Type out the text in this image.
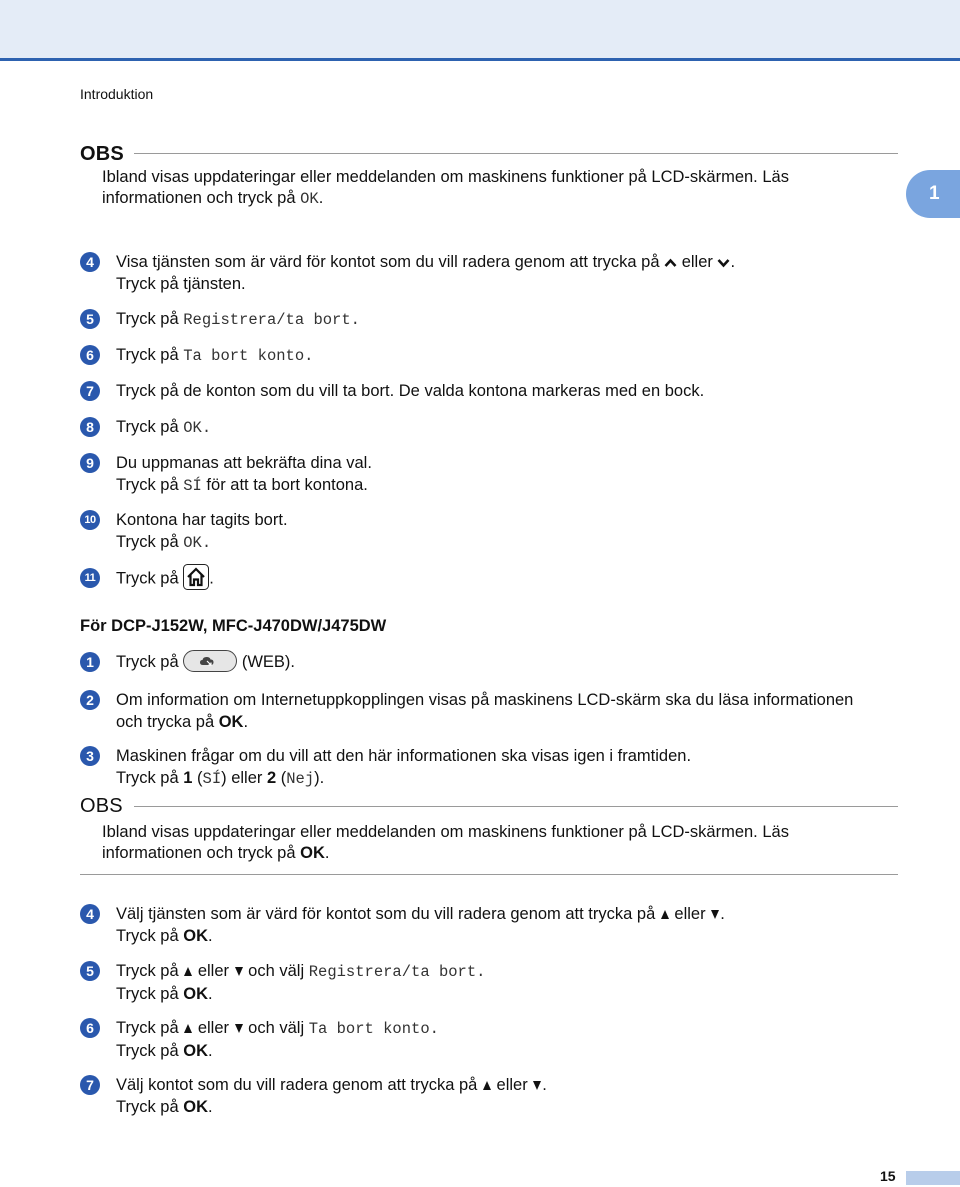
Introduktion
1
OBS
Ibland visas uppdateringar eller meddelanden om maskinens funktioner på LCD-skärmen. Läs informationen och tryck på OK.
4	Visa tjänsten som är värd för kontot som du vill radera genom att trycka på  eller .
Tryck på tjänsten.
5	Tryck på Registrera/ta bort.
6	Tryck på Ta bort konto.
7	Tryck på de konton som du vill ta bort. De valda kontona markeras med en bock.
8	Tryck på OK.
9	Du uppmanas att bekräfta dina val.
Tryck på SÍ för att ta bort kontona.
10 Kontona har tagits bort.
Tryck på OK.
11 Tryck på .
För DCP-J152W, MFC-J470DW/J475DW
1	Tryck på	(WEB).
2	Om information om Internetuppkopplingen visas på maskinens LCD-skärm ska du läsa informationen
och trycka på OK.
3	Maskinen frågar om du vill att den här informationen ska visas igen i framtiden.
Tryck på 1 (SÍ) eller 2 (Nej).
OBS
Ibland visas uppdateringar eller meddelanden om maskinens funktioner på LCD-skärmen. Läs informationen och tryck på OK.
4	Välj tjänsten som är värd för kontot som du vill radera genom att trycka på  eller .
Tryck på OK.
5	Tryck på  eller  och välj Registrera/ta bort.
Tryck på OK.
6	Tryck på  eller  och välj Ta bort konto.
Tryck på OK.
7	Välj kontot som du vill radera genom att trycka på  eller .
Tryck på OK.
15
